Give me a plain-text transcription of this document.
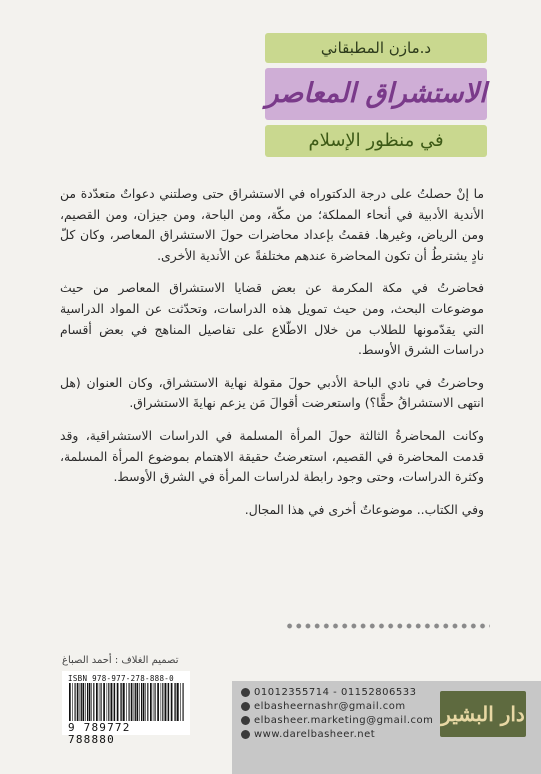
د.مازن المطبقاني
الاستشراق المعاصر
في منظور الإسلام

ما إنْ حصلتُ على درجة الدكتوراه في الاستشراق حتى وصلتني دعواتٌ متعدّدة من الأندية الأدبية في أنحاء المملكة؛ من مكّة، ومن الباحة، ومن جيزان، ومن القصيم، ومن الرياض، وغيرها. فقمتُ بإعداد محاضرات حولَ الاستشراق المعاصر، وكان كلّ نادٍ يشترطُ أن تكون المحاضرة عندهم مختلفةً عن الأندية الأخرى.

فحاضرتُ في مكة المكرمة عن بعض قضايا الاستشراق المعاصر من حيث موضوعات البحث، ومن حيث تمويل هذه الدراسات، وتحدّثت عن المواد الدراسية التي يقدّمونها للطلاب من خلال الاطّلاع على تفاصيل المناهج في بعض أقسام دراسات الشرق الأوسط.

وحاضرتُ في نادي الباحة الأدبي حولَ مقولة نهاية الاستشراق، وكان العنوان (هل انتهى الاستشراقُ حقًّا؟) واستعرضت أقوالَ مَن يزعم نهايةَ الاستشراق.

وكانت المحاضرةُ الثالثة حولَ المرأة المسلمة في الدراسات الاستشراقية، وقد قدمت المحاضرة في القصيم، استعرضتُ حقيقة الاهتمام بموضوع المرأة المسلمة، وكثرة الدراسات، وحتى وجود رابطة لدراسات المرأة في الشرق الأوسط.

وفي الكتاب.. موضوعاتٌ أخرى في هذا المجال.

تصميم الغلاف : أحمد الصباغ
ISBN 978-977-278-888-0
9 789772 788880
01012355714 - 01152806533
elbasheernashr@gmail.com
elbasheer.marketing@gmail.com
www.darelbasheer.net
دار البشير
